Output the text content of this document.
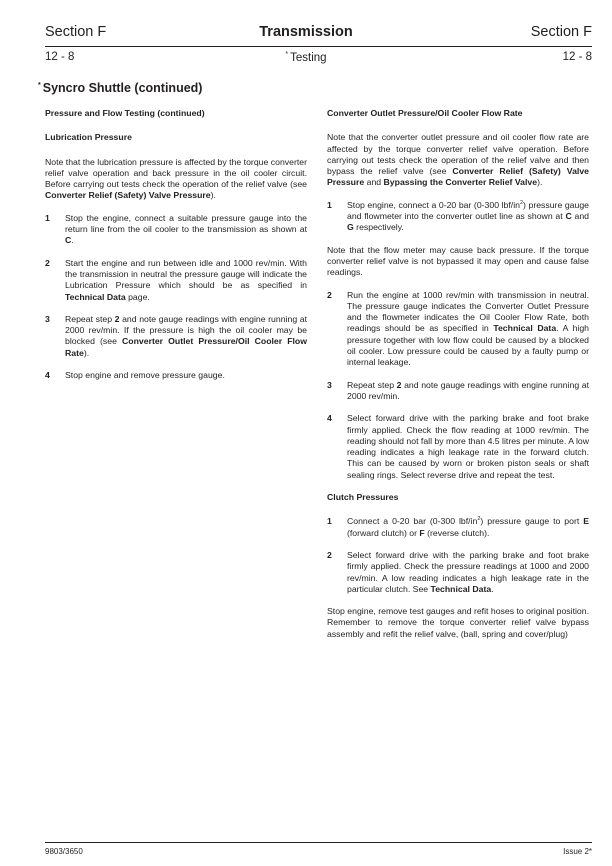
Section F	Transmission	Section F
12 - 8	* Testing	12 - 8
* Syncro Shuttle (continued)
Pressure and Flow Testing (continued)
Lubrication Pressure
Note that the lubrication pressure is affected by the torque converter relief valve operation and back pressure in the oil cooler circuit. Before carrying out tests check the operation of the relief valve (see Converter Relief (Safety) Valve Pressure).
1	Stop the engine, connect a suitable pressure gauge into the return line from the oil cooler to the transmission as shown at C.
2	Start the engine and run between idle and 1000 rev/min. With the transmission in neutral the pressure gauge will indicate the Lubrication Pressure which should be as specified in Technical Data page.
3	Repeat step 2 and note gauge readings with engine running at 2000 rev/min. If the pressure is high the oil cooler may be blocked (see Converter Outlet Pressure/Oil Cooler Flow Rate).
4	Stop engine and remove pressure gauge.
Converter Outlet Pressure/Oil Cooler Flow Rate
Note that the converter outlet pressure and oil cooler flow rate are affected by the torque converter relief valve operation. Before carrying out tests check the operation of the relief valve and then bypass the relief valve (see Converter Relief (Safety) Valve Pressure and Bypassing the Converter Relief Valve).
1	Stop engine, connect a 0-20 bar (0-300 lbf/$in^2$) pressure gauge and flowmeter into the converter outlet line as shown at C and G respectively.
Note that the flow meter may cause back pressure. If the torque converter relief valve is not bypassed it may open and cause false readings.
2	Run the engine at 1000 rev/min with transmission in neutral. The pressure gauge indicates the Converter Outlet Pressure and the flowmeter indicates the Oil Cooler Flow Rate, both readings should be as specified in Technical Data. A high pressure together with low flow could be caused by a blocked oil cooler. Low pressure could be caused by a faulty pump or internal leakage.
3	Repeat step 2 and note gauge readings with engine running at 2000 rev/min.
4	Select forward drive with the parking brake and foot brake firmly applied. Check the flow reading at 1000 rev/min. The reading should not fall by more than 4.5 litres per minute. A low reading indicates a high leakage rate in the forward clutch. This can be caused by worn or broken piston seals or shaft sealing rings. Select reverse drive and repeat the test.
Clutch Pressures
1	Connect a 0-20 bar (0-300 lbf/$in^2$) pressure gauge to port E (forward clutch) or F (reverse clutch).
2	Select forward drive with the parking brake and foot brake firmly applied. Check the pressure readings at 1000 and 2000 rev/min. A low reading indicates a high leakage rate in the particular clutch. See Technical Data.
Stop engine, remove test gauges and refit hoses to original position. Remember to remove the torque converter relief valve bypass assembly and refit the relief valve, (ball, spring and cover/plug)
9803/3650	Issue 2*
